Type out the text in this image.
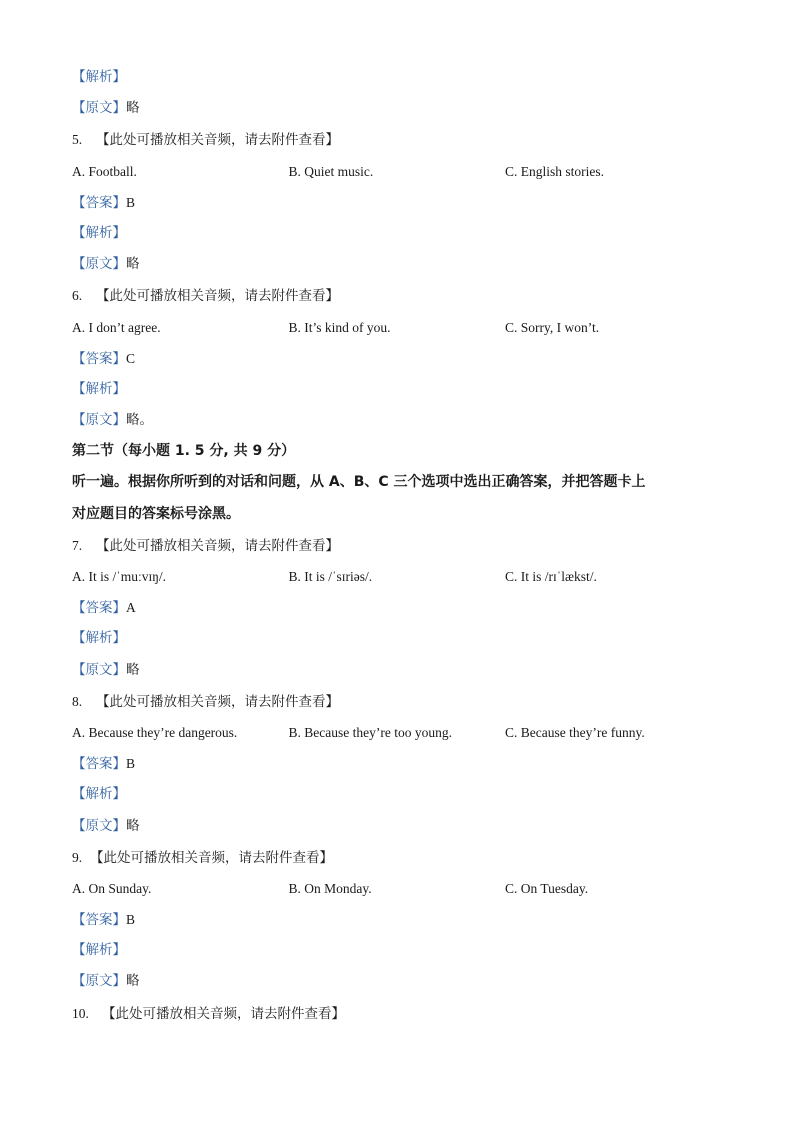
【解析】
【原文】略
5. 【此处可播放相关音频，请去附件查看】
A. Football.	B. Quiet music.	C. English stories.
【答案】B
【解析】
【原文】略
6. 【此处可播放相关音频，请去附件查看】
A. I don’t agree.	B. It’s kind of you.	C. Sorry, I won’t.
【答案】C
【解析】
【原文】略。
第二节（每小题 1. 5 分, 共 9 分）
听一遍。根据你所听到的对话和问题，从 A、B、C 三个选项中选出正确答案，并把答题卡上
对应题目的答案标号涂黑。
7. 【此处可播放相关音频，请去附件查看】
A. It is /ˈmuːvɪŋ/.	B. It is /ˈsɪriəs/.	C. It is /rɪˈlækst/.
【答案】A
【解析】
【原文】略
8. 【此处可播放相关音频，请去附件查看】
A. Because they’re dangerous.	B. Because they’re too young.	C. Because they’re funny.
【答案】B
【解析】
【原文】略
9. 【此处可播放相关音频，请去附件查看】
A. On Sunday.	B. On Monday.	C. On Tuesday.
【答案】B
【解析】
【原文】略
10. 【此处可播放相关音频，请去附件查看】
